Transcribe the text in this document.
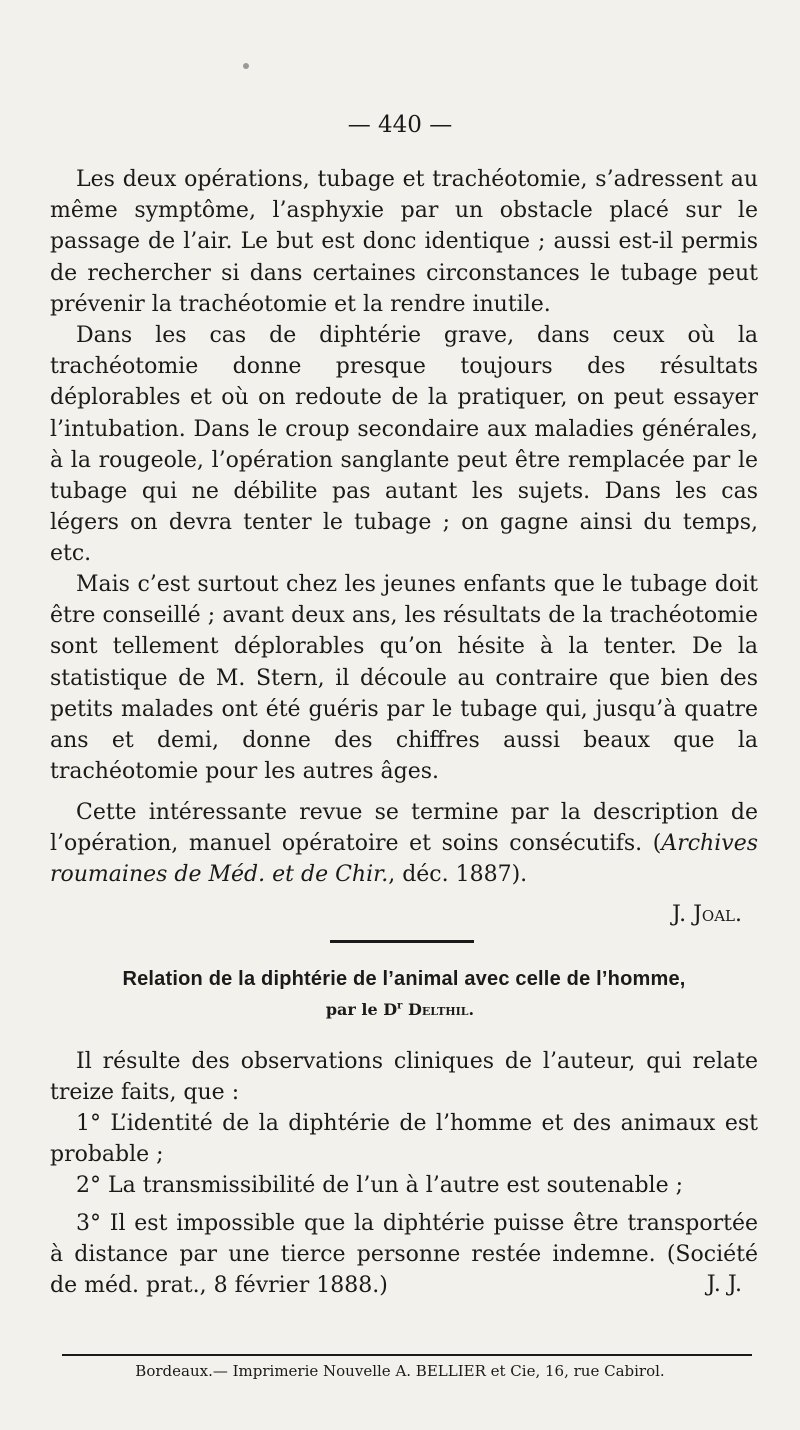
— 440 —

Les deux opérations, tubage et trachéotomie, s’adressent au même symptôme, l’asphyxie par un obstacle placé sur le passage de l’air. Le but est donc identique ; aussi est-il permis de rechercher si dans certaines circonstances le tubage peut prévenir la trachéotomie et la rendre inutile.

Dans les cas de diphtérie grave, dans ceux où la trachéotomie donne presque toujours des résultats déplorables et où on redoute de la pratiquer, on peut essayer l’intubation. Dans le croup secondaire aux maladies générales, à la rougeole, l’opération sanglante peut être remplacée par le tubage qui ne débilite pas autant les sujets. Dans les cas légers on devra tenter le tubage ; on gagne ainsi du temps, etc.

Mais c’est surtout chez les jeunes enfants que le tubage doit être conseillé ; avant deux ans, les résultats de la trachéotomie sont tellement déplorables qu’on hésite à la tenter. De la statistique de M. Stern, il découle au contraire que bien des petits malades ont été guéris par le tubage qui, jusqu’à quatre ans et demi, donne des chiffres aussi beaux que la trachéotomie pour les autres âges.

Cette intéressante revue se termine par la description de l’opération, manuel opératoire et soins consécutifs. (Archives roumaines de Méd. et de Chir., déc. 1887).

J. Joal.
Relation de la diphtérie de l’animal avec celle de l’homme,
par le $D^r$ Delthil.

Il résulte des observations cliniques de l’auteur, qui relate treize faits, que :

1° L’identité de la diphtérie de l’homme et des animaux est probable ;

2° La transmissibilité de l’un à l’autre est soutenable ;

3° Il est impossible que la diphtérie puisse être transportée à distance par une tierce personne restée indemne. (Société de méd. prat., 8 février 1888.)	J. J.
Bordeaux.— Imprimerie Nouvelle A. BELLIER et Cie, 16, rue Cabirol.
